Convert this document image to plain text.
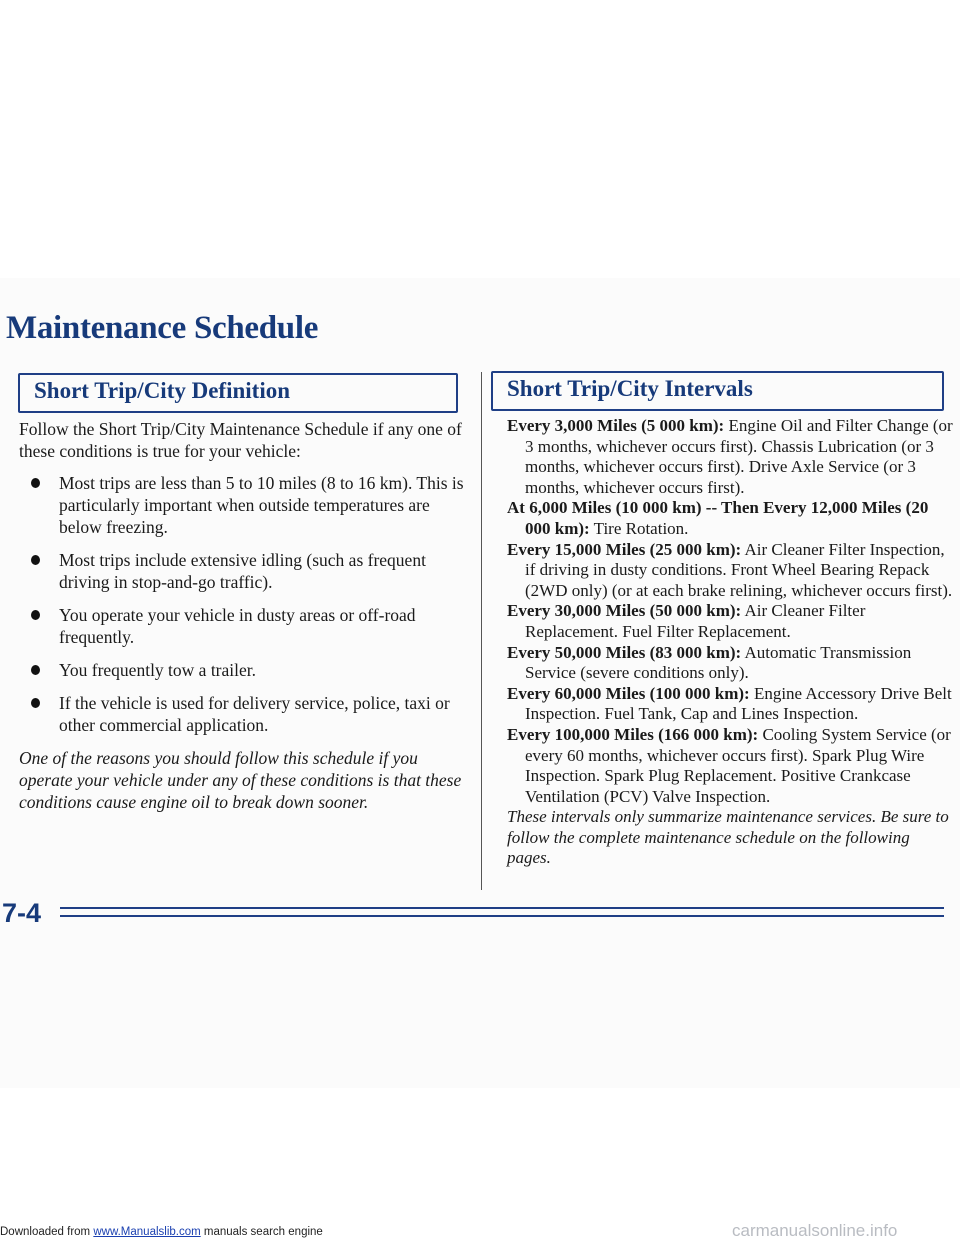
Maintenance Schedule
Short Trip/City Definition	Short Trip/City Intervals

Follow the Short Trip/City Maintenance Schedule if any one of these conditions is true for your vehicle:

Most trips are less than 5 to 10 miles (8 to 16 km). This is particularly important when outside temperatures are below freezing.
Most trips include extensive idling (such as frequent driving in stop-and-go traffic).
You operate your vehicle in dusty areas or off-road frequently.
You frequently tow a trailer.
If the vehicle is used for delivery service, police, taxi or other commercial application.

One of the reasons you should follow this schedule if you operate your vehicle under any of these conditions is that these conditions cause engine oil to break down sooner.

Every 3,000 Miles (5 000 km): Engine Oil and Filter Change (or 3 months, whichever occurs first). Chassis Lubrication (or 3 months, whichever occurs first). Drive Axle Service (or 3 months, whichever occurs first).

At 6,000 Miles (10 000 km) -- Then Every 12,000 Miles (20 000 km): Tire Rotation.

Every 15,000 Miles (25 000 km): Air Cleaner Filter Inspection, if driving in dusty conditions. Front Wheel Bearing Repack (2WD only) (or at each brake relining, whichever occurs first).

Every 30,000 Miles (50 000 km): Air Cleaner Filter Replacement. Fuel Filter Replacement.

Every 50,000 Miles (83 000 km): Automatic Transmission Service (severe conditions only).

Every 60,000 Miles (100 000 km): Engine Accessory Drive Belt Inspection. Fuel Tank, Cap and Lines Inspection.

Every 100,000 Miles (166 000 km): Cooling System Service (or every 60 months, whichever occurs first). Spark Plug Wire Inspection. Spark Plug Replacement. Positive Crankcase Ventilation (PCV) Valve Inspection.

These intervals only summarize maintenance services. Be sure to follow the complete maintenance schedule on the following pages.

7-4
Downloaded from www.Manualslib.com manuals search engine	carmanualsonline.info
